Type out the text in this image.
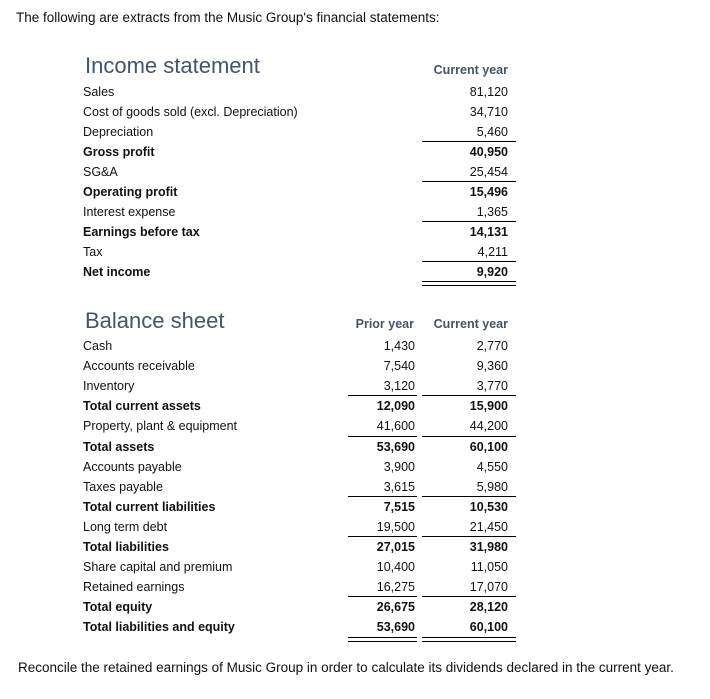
The following are extracts from the Music Group's financial statements:
Income statement	Current year
Sales	81,120
Cost of goods sold (excl. Depreciation)	34,710
Depreciation	5,460
Gross profit	40,950
SG&A	25,454
Operating profit	15,496
Interest expense	1,365
Earnings before tax	14,131
Tax	4,211
Net income	9,920
Balance sheet	Prior year	Current year
Cash	1,430	2,770
Accounts receivable	7,540	9,360
Inventory	3,120	3,770
Total current assets	12,090	15,900
Property, plant & equipment	41,600	44,200
Total assets	53,690	60,100
Accounts payable	3,900	4,550
Taxes payable	3,615	5,980
Total current liabilities	7,515	10,530
Long term debt	19,500	21,450
Total liabilities	27,015	31,980
Share capital and premium	10,400	11,050
Retained earnings	16,275	17,070
Total equity	26,675	28,120
Total liabilities and equity	53,690	60,100
Reconcile the retained earnings of Music Group in order to calculate its dividends declared in the current year.
